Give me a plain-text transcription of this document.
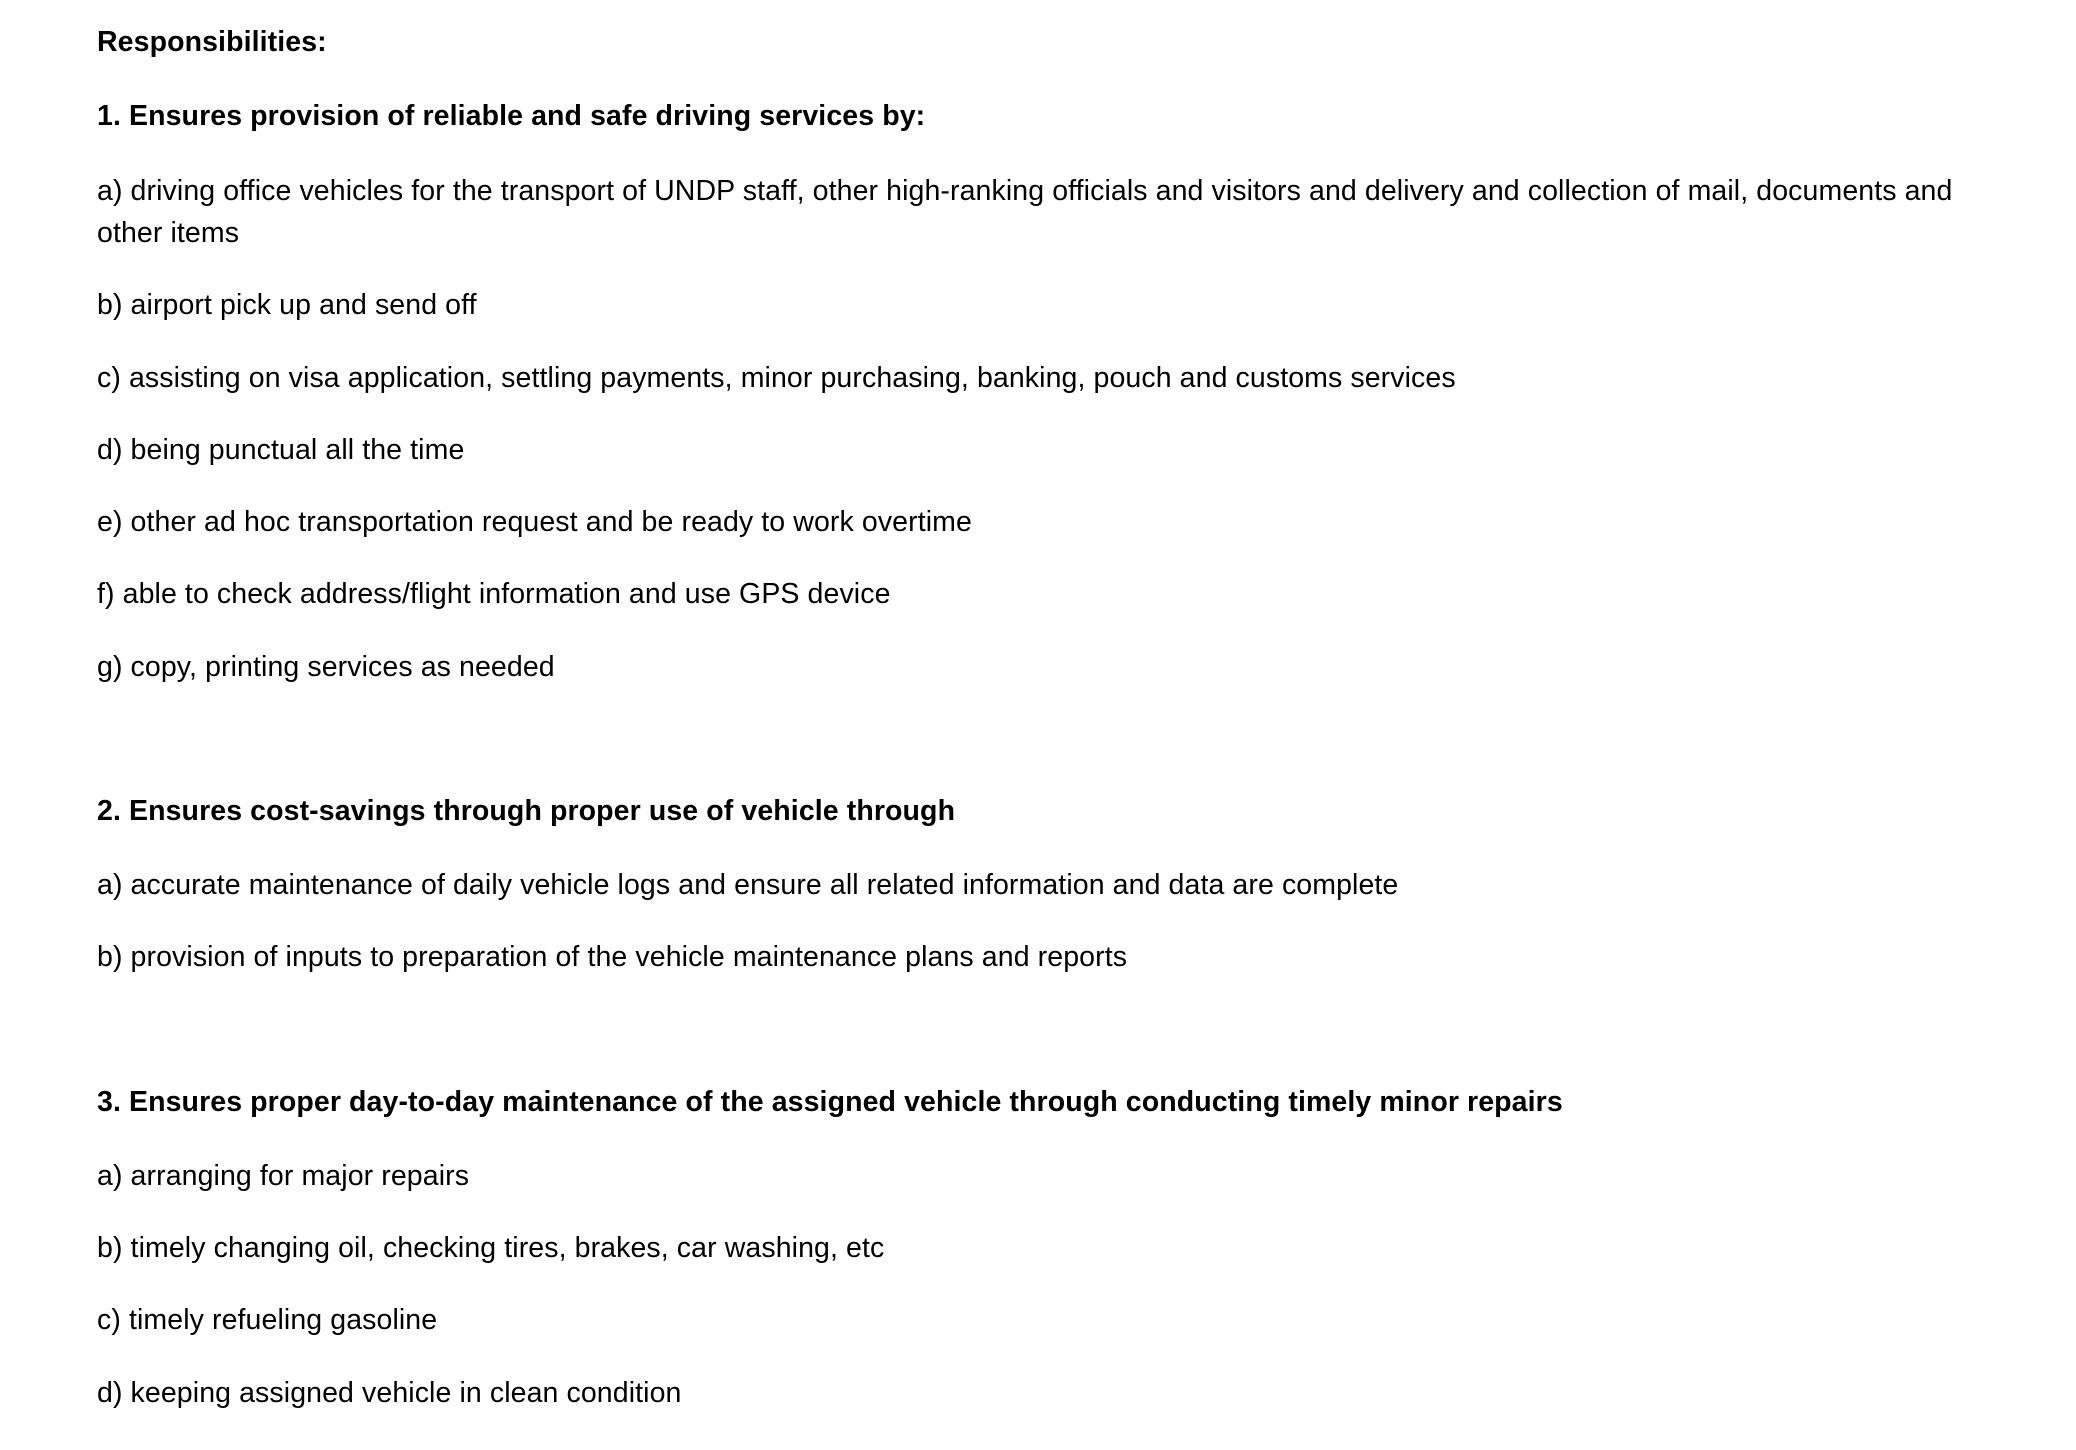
Responsibilities:
1. Ensures provision of reliable and safe driving services by:
a) driving office vehicles for the transport of UNDP staff, other high-ranking officials and visitors and delivery and collection of mail, documents and other items
b) airport pick up and send off
c) assisting on visa application, settling payments, minor purchasing, banking, pouch and customs services
d) being punctual all the time
e) other ad hoc transportation request and be ready to work overtime
f) able to check address/flight information and use GPS device
g) copy, printing services as needed
2. Ensures cost-savings through proper use of vehicle through
a) accurate maintenance of daily vehicle logs and ensure all related information and data are complete
b) provision of inputs to preparation of the vehicle maintenance plans and reports
3. Ensures proper day-to-day maintenance of the assigned vehicle through conducting timely minor repairs
a) arranging for major repairs
b) timely changing oil, checking tires, brakes, car washing, etc
c) timely refueling gasoline
d) keeping assigned vehicle in clean condition
